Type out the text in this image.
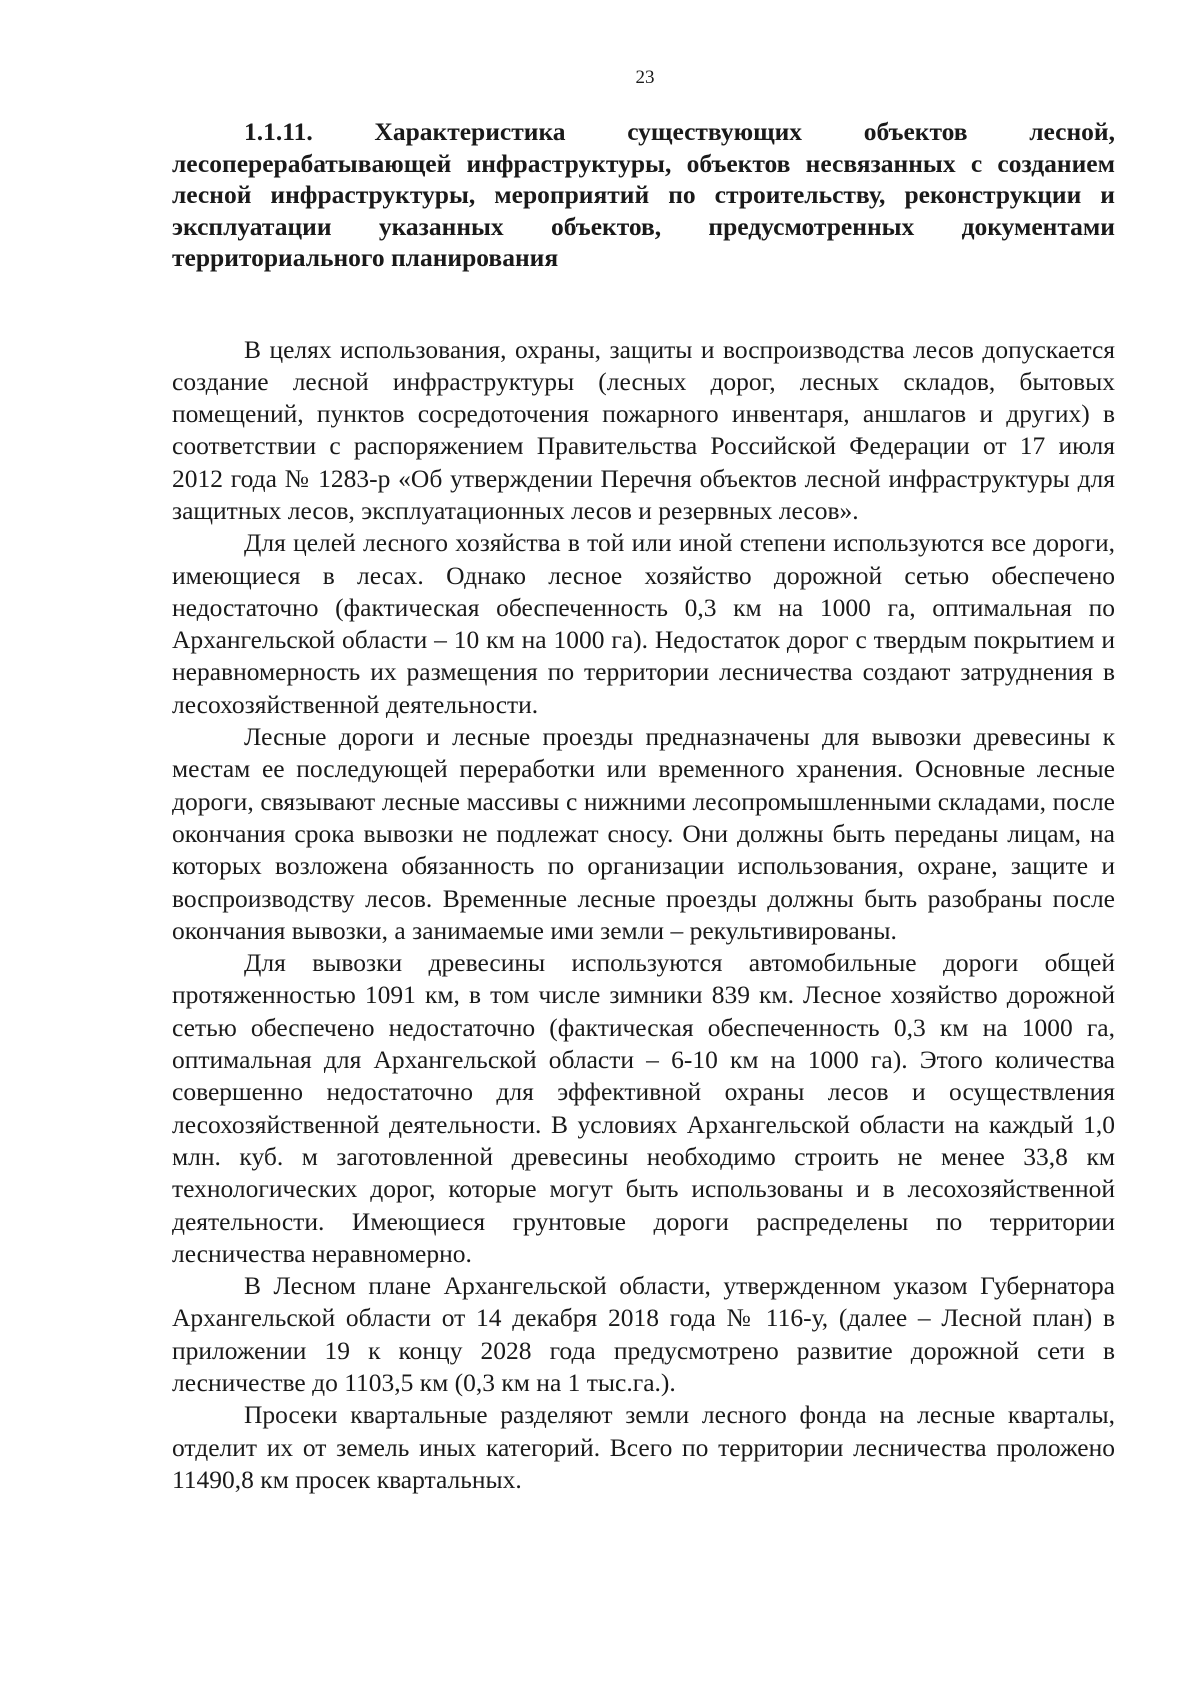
23
1.1.11. Характеристика существующих объектов лесной, лесоперерабатывающей инфраструктуры, объектов несвязанных с созданием лесной инфраструктуры, мероприятий по строительству, реконструкции и эксплуатации указанных объектов, предусмотренных документами территориального планирования

В целях использования, охраны, защиты и воспроизводства лесов допускается создание лесной инфраструктуры (лесных дорог, лесных складов, бытовых помещений, пунктов сосредоточения пожарного инвентаря, аншлагов и других) в соответствии с распоряжением Правительства Российской Федерации от 17 июля 2012 года № 1283-р «Об утверждении Перечня объектов лесной инфраструктуры для защитных лесов, эксплуатационных лесов и резервных лесов».

Для целей лесного хозяйства в той или иной степени используются все дороги, имеющиеся в лесах. Однако лесное хозяйство дорожной сетью обеспечено недостаточно (фактическая обеспеченность 0,3 км на 1000 га, оптимальная по Архангельской области – 10 км на 1000 га). Недостаток дорог с твердым покрытием и неравномерность их размещения по территории лесничества создают затруднения в лесохозяйственной деятельности.

Лесные дороги и лесные проезды предназначены для вывозки древесины к местам ее последующей переработки или временного хранения. Основные лесные дороги, связывают лесные массивы с нижними лесопромышленными складами, после окончания срока вывозки не подлежат сносу. Они должны быть переданы лицам, на которых возложена обязанность по организации использования, охране, защите и воспроизводству лесов. Временные лесные проезды должны быть разобраны после окончания вывозки, а занимаемые ими земли – рекультивированы.

Для вывозки древесины используются автомобильные дороги общей протяженностью 1091 км, в том числе зимники 839 км. Лесное хозяйство дорожной сетью обеспечено недостаточно (фактическая обеспеченность 0,3 км на 1000 га, оптимальная для Архангельской области – 6-10 км на 1000 га). Этого количества совершенно недостаточно для эффективной охраны лесов и осуществления лесохозяйственной деятельности. В условиях Архангельской области на каждый 1,0 млн. куб. м заготовленной древесины необходимо строить не менее 33,8 км технологических дорог, которые могут быть использованы и в лесохозяйственной деятельности. Имеющиеся грунтовые дороги распределены по территории лесничества неравномерно.

В Лесном плане Архангельской области, утвержденном указом Губернатора Архангельской области от 14 декабря 2018 года № 116-у, (далее – Лесной план) в приложении 19 к концу 2028 года предусмотрено развитие дорожной сети в лесничестве до 1103,5 км (0,3 км на 1 тыс.га.).

Просеки квартальные разделяют земли лесного фонда на лесные кварталы, отделит их от земель иных категорий. Всего по территории лесничества проложено 11490,8 км просек квартальных.
